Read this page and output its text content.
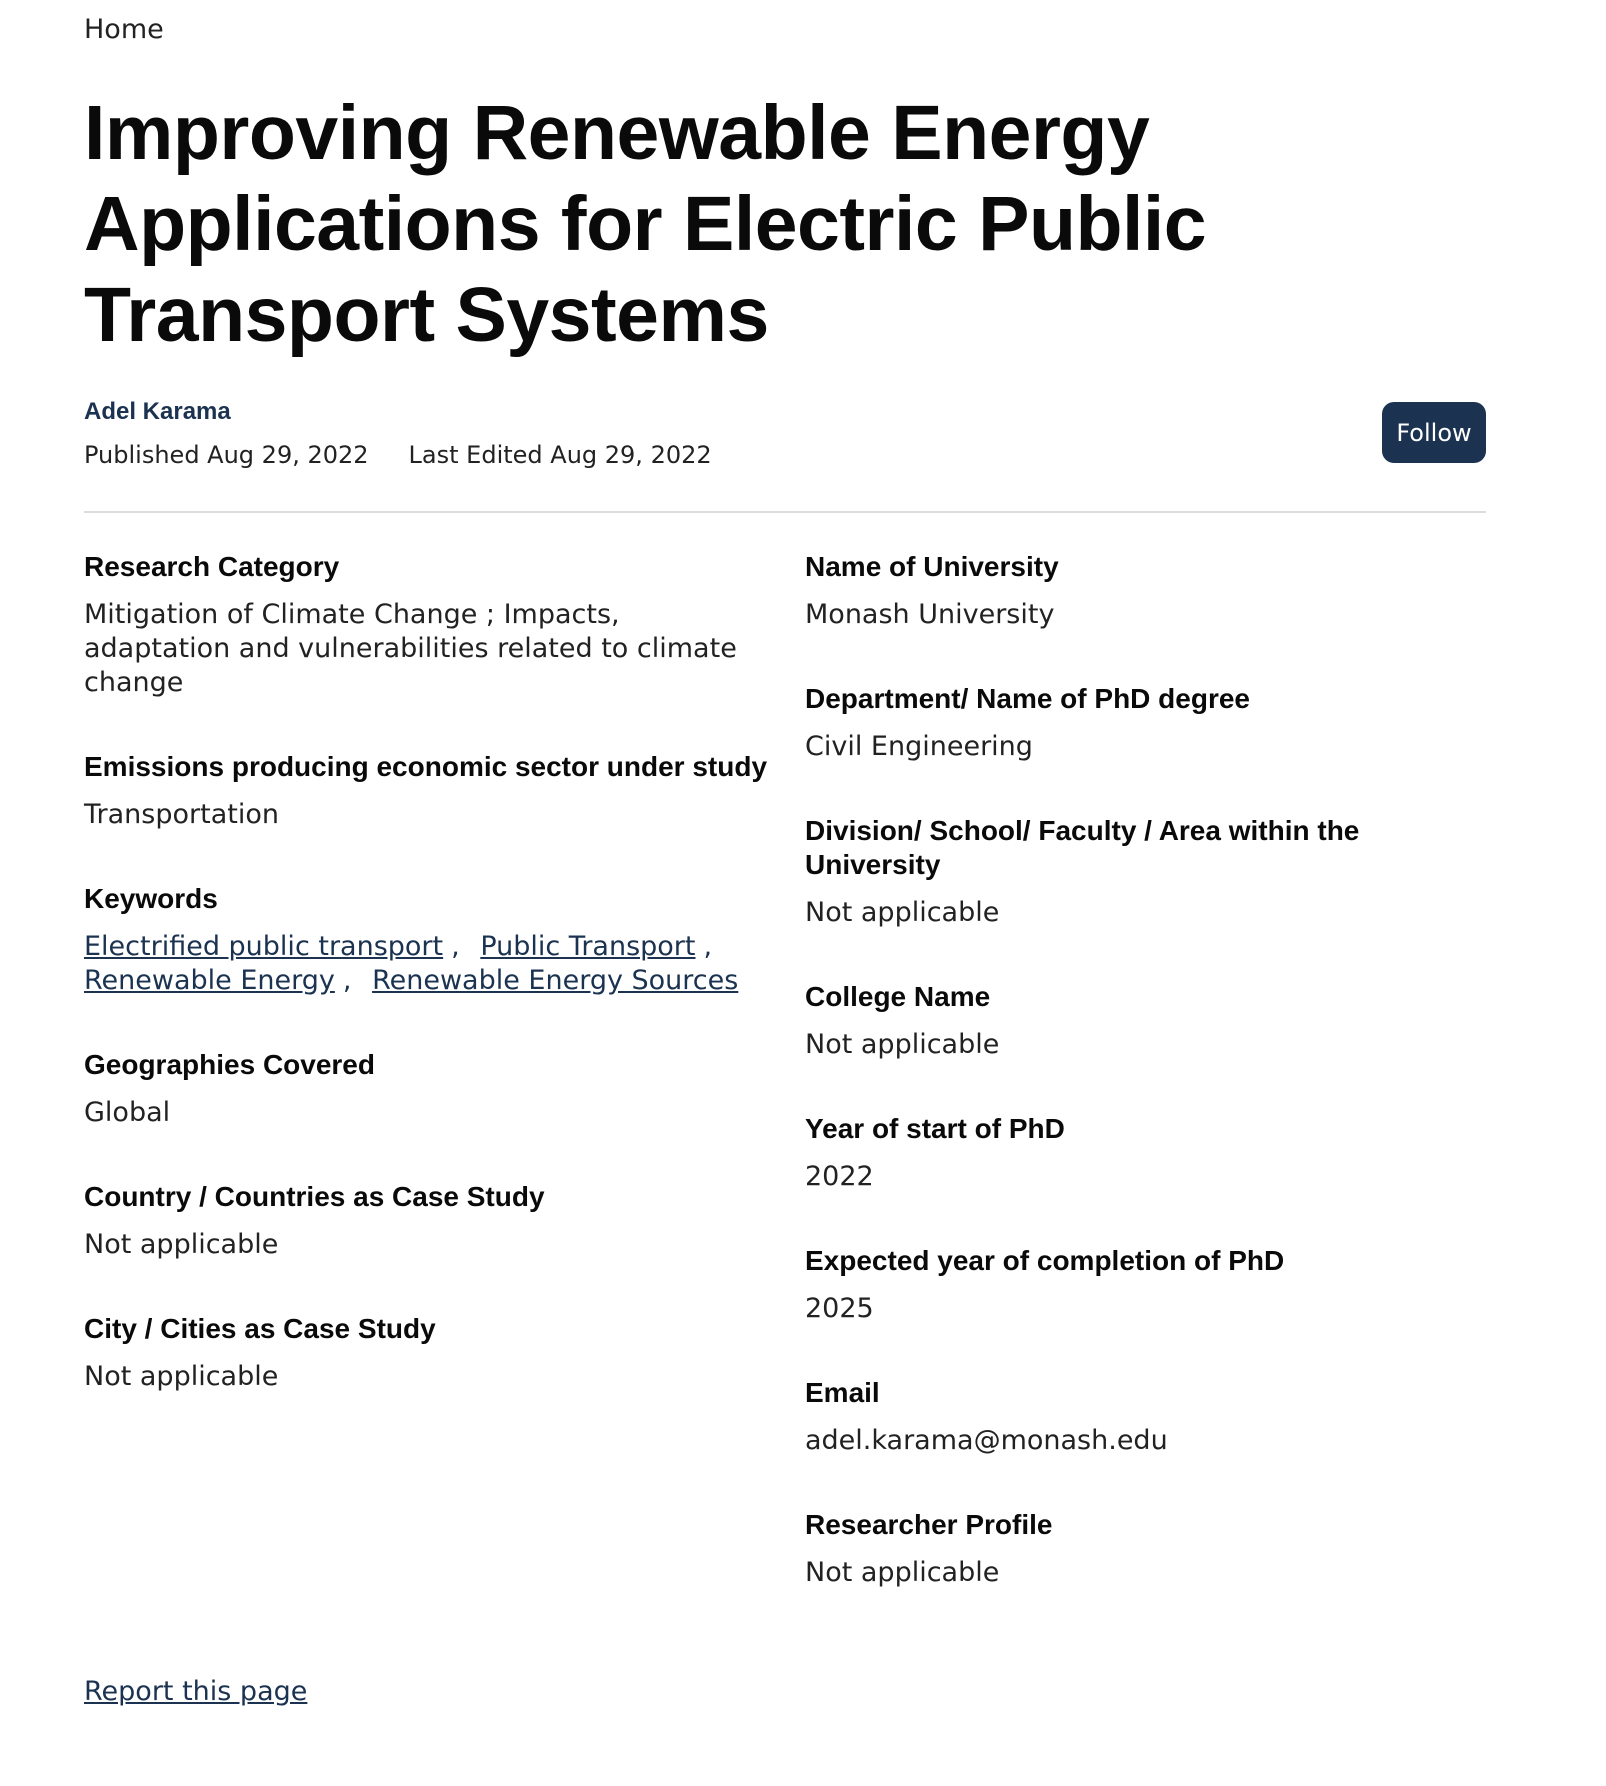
Home
Improving Renewable Energy Applications for Electric Public Transport Systems
Adel Karama
Published Aug 29, 2022 Last Edited Aug 29, 2022
Follow
Research Category

Mitigation of Climate Change ; Impacts, adaptation and vulnerabilities related to climate change

Emissions producing economic sector under study

Transportation

Keywords
Electrified public transport , Public Transport ,
Renewable Energy , Renewable Energy Sources
Geographies Covered

Global

Country / Countries as Case Study

Not applicable

City / Cities as Case Study

Not applicable

Name of University

Monash University

Department/ Name of PhD degree

Civil Engineering

Division/ School/ Faculty / Area within the University

Not applicable

College Name

Not applicable

Year of start of PhD

2022

Expected year of completion of PhD

2025

Email

adel.karama@monash.edu

Researcher Profile

Not applicable

Report this page
